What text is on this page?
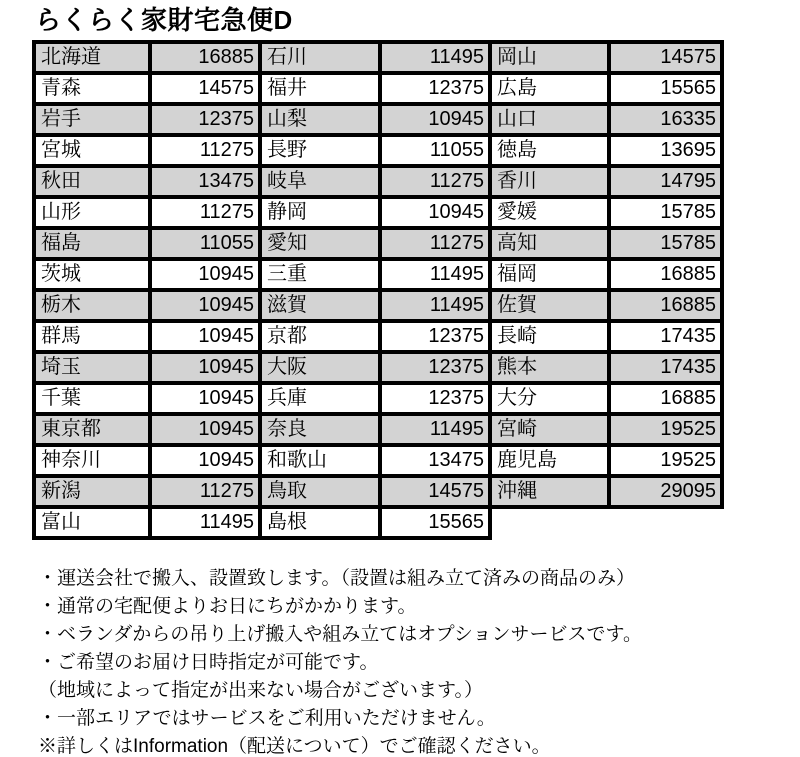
らくらく家財宅急便D
北海道	16885	石川	11495	岡山	14575
青森	14575	福井	12375	広島	15565
岩手	12375	山梨	10945	山口	16335
宮城	11275	長野	11055	徳島	13695
秋田	13475	岐阜	11275	香川	14795
山形	11275	静岡	10945	愛媛	15785
福島	11055	愛知	11275	高知	15785
茨城	10945	三重	11495	福岡	16885
栃木	10945	滋賀	11495	佐賀	16885
群馬	10945	京都	12375	長崎	17435
埼玉	10945	大阪	12375	熊本	17435
千葉	10945	兵庫	12375	大分	16885
東京都	10945	奈良	11495	宮崎	19525
神奈川	10945	和歌山	13475	鹿児島	19525
新潟	11275	鳥取	14575	沖縄	29095
富山	11495	島根	15565		
・運送会社で搬入、設置致します。（設置は組み立て済みの商品のみ）
・通常の宅配便よりお日にちがかかります。
・ベランダからの吊り上げ搬入や組み立てはオプションサービスです。
・ご希望のお届け日時指定が可能です。
（地域によって指定が出来ない場合がございます。）
・一部エリアではサービスをご利用いただけません。
※詳しくはInformation（配送について）でご確認ください。
